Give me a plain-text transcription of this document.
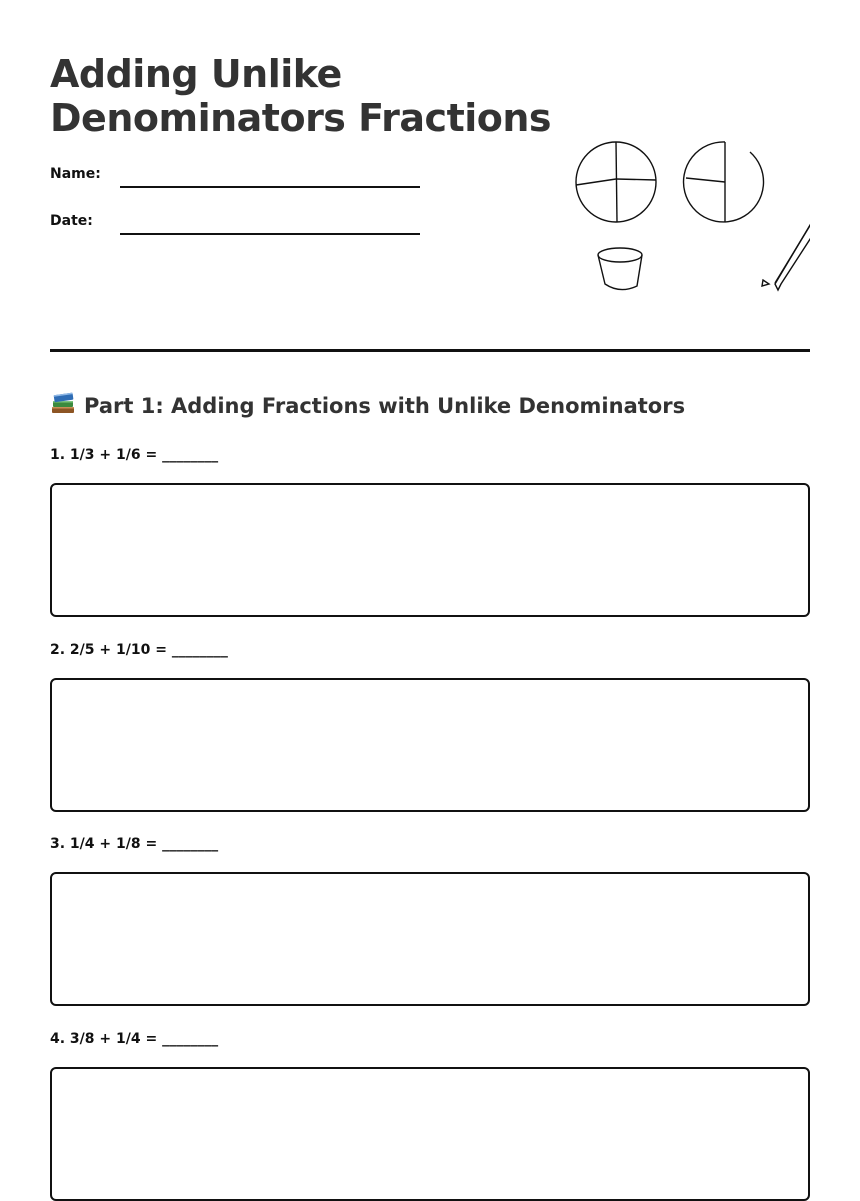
Adding Unlike
Denominators Fractions
Name:
Date:
Part 1: Adding Fractions with Unlike Denominators
1. 1/3 + 1/6 = ________
2. 2/5 + 1/10 = ________
3. 1/4 + 1/8 = ________
4. 3/8 + 1/4 = ________
